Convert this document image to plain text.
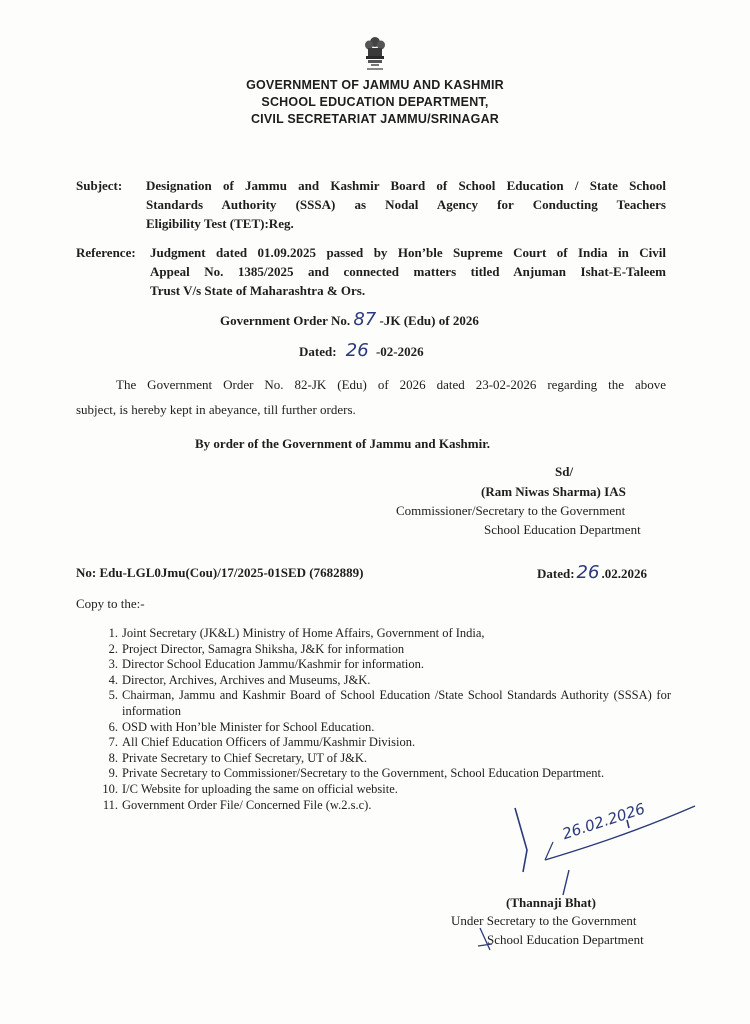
GOVERNMENT OF JAMMU AND KASHMIR
SCHOOL EDUCATION DEPARTMENT,
CIVIL SECRETARIAT JAMMU/SRINAGAR
Subject: Designation of Jammu and Kashmir Board of School Education / State School
Standards Authority (SSSA) as Nodal Agency for Conducting Teachers
Eligibility Test (TET):Reg.
Reference: Judgment dated 01.09.2025 passed by Hon’ble Supreme Court of India in Civil
Appeal No. 1385/2025 and connected matters titled Anjuman Ishat-E-Taleem
Trust V/s State of Maharashtra & Ors.
Government Order No. 87 -JK (Edu) of 2026
Dated: 26 -02-2026
The Government Order No. 82-JK (Edu) of 2026 dated 23-02-2026 regarding the above
subject, is hereby kept in abeyance, till further orders.
By order of the Government of Jammu and Kashmir.
Sd/
(Ram Niwas Sharma) IAS
Commissioner/Secretary to the Government
School Education Department
No: Edu-LGL0Jmu(Cou)/17/2025-01SED (7682889)	Dated: 26 .02.2026
Copy to the:-
1. Joint Secretary (JK&L) Ministry of Home Affairs, Government of India,
2. Project Director, Samagra Shiksha, J&K for information
3. Director School Education Jammu/Kashmir for information.
4. Director, Archives, Archives and Museums, J&K.
5. Chairman, Jammu and Kashmir Board of School Education /State School Standards Authority (SSSA) for information
6. OSD with Hon’ble Minister for School Education.
7. All Chief Education Officers of Jammu/Kashmir Division.
8. Private Secretary to Chief Secretary, UT of J&K.
9. Private Secretary to Commissioner/Secretary to the Government, School Education Department.
10. I/C Website for uploading the same on official website.
11. Government Order File/ Concerned File (w.2.s.c).	26.02.2026
(Thannaji Bhat)
Under Secretary to the Government
School Education Department
